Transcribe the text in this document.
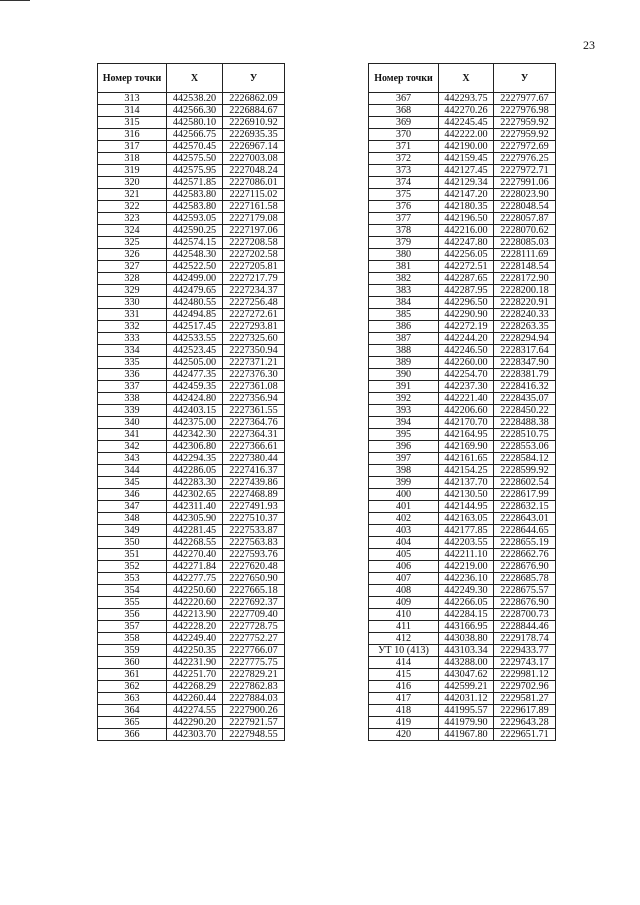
23
Номер точки	X	У
313	442538.20	2226862.09
314	442566.30	2226884.67
315	442580.10	2226910.92
316	442566.75	2226935.35
317	442570.45	2226967.14
318	442575.50	2227003.08
319	442575.95	2227048.24
320	442571.85	2227086.01
321	442583.80	2227115.02
322	442583.80	2227161.58
323	442593.05	2227179.08
324	442590.25	2227197.06
325	442574.15	2227208.58
326	442548.30	2227202.58
327	442522.50	2227205.81
328	442499.00	2227217.79
329	442479.65	2227234.37
330	442480.55	2227256.48
331	442494.85	2227272.61
332	442517.45	2227293.81
333	442533.55	2227325.60
334	442523.45	2227350.94
335	442505.00	2227371.21
336	442477.35	2227376.30
337	442459.35	2227361.08
338	442424.80	2227356.94
339	442403.15	2227361.55
340	442375.00	2227364.76
341	442342.30	2227364.31
342	442306.80	2227366.61
343	442294.35	2227380.44
344	442286.05	2227416.37
345	442283.30	2227439.86
346	442302.65	2227468.89
347	442311.40	2227491.93
348	442305.90	2227510.37
349	442281.45	2227533.87
350	442268.55	2227563.83
351	442270.40	2227593.76
352	442271.84	2227620.48
353	442277.75	2227650.90
354	442250.60	2227665.18
355	442220.60	2227692.37
356	442213.90	2227709.40
357	442228.20	2227728.75
358	442249.40	2227752.27
359	442250.35	2227766.07
360	442231.90	2227775.75
361	442251.70	2227829.21
362	442268.29	2227862.83
363	442260.44	2227884.03
364	442274.55	2227900.26
365	442290.20	2227921.57
366	442303.70	2227948.55
Номер точки	X	У
367	442293.75	2227977.67
368	442270.26	2227976.98
369	442245.45	2227959.92
370	442222.00	2227959.92
371	442190.00	2227972.69
372	442159.45	2227976.25
373	442127.45	2227972.71
374	442129.34	2227991.06
375	442147.20	2228023.90
376	442180.35	2228048.54
377	442196.50	2228057.87
378	442216.00	2228070.62
379	442247.80	2228085.03
380	442256.05	2228111.69
381	442272.51	2228148.54
382	442287.65	2228172.90
383	442287.95	2228200.18
384	442296.50	2228220.91
385	442290.90	2228240.33
386	442272.19	2228263.35
387	442244.20	2228294.94
388	442246.50	2228317.64
389	442260.00	2228347.90
390	442254.70	2228381.79
391	442237.30	2228416.32
392	442221.40	2228435.07
393	442206.60	2228450.22
394	442170.70	2228488.38
395	442164.95	2228510.75
396	442169.90	2228553.06
397	442161.65	2228584.12
398	442154.25	2228599.92
399	442137.70	2228602.54
400	442130.50	2228617.99
401	442144.95	2228632.15
402	442163.05	2228643.01
403	442177.85	2228644.65
404	442203.55	2228655.19
405	442211.10	2228662.76
406	442219.00	2228676.90
407	442236.10	2228685.78
408	442249.30	2228675.57
409	442266.05	2228676.90
410	442284.15	2228700.73
411	443166.95	2228844.46
412	443038.80	2229178.74
УТ 10 (413)	443103.34	2229433.77
414	443288.00	2229743.17
415	443047.62	2229981.12
416	442599.21	2229702.96
417	442031.12	2229581.27
418	441995.57	2229617.89
419	441979.90	2229643.28
420	441967.80	2229651.71
